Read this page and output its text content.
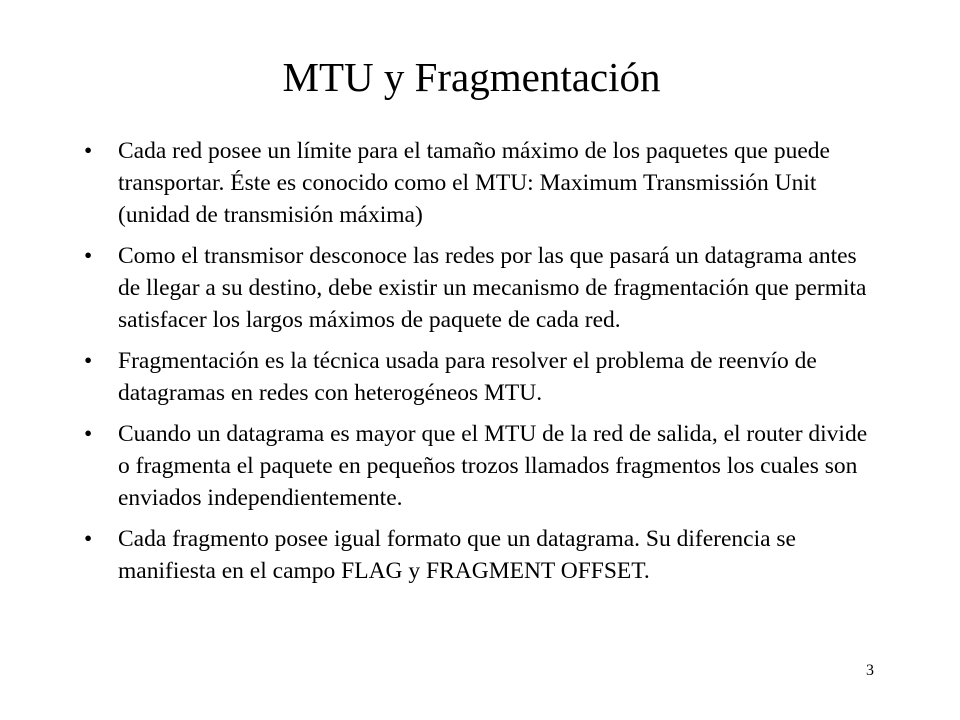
MTU y Fragmentación
•	Cada red posee un límite para el tamaño máximo de los paquetes que puede transportar. Éste es conocido como el MTU: Maximum Transmissión Unit (unidad de transmisión máxima)
•	Como el transmisor desconoce las redes por las que pasará un datagrama antes de llegar a su destino, debe existir un mecanismo de fragmentación que permita satisfacer los largos máximos de paquete de cada red.
•	Fragmentación es la técnica usada para resolver el problema de reenvío de datagramas en redes con heterogéneos MTU.
•	Cuando un datagrama es mayor que el MTU de la red de salida, el router divide o fragmenta el paquete en pequeños trozos llamados fragmentos los cuales son enviados independientemente.
•	Cada fragmento posee igual formato que un datagrama. Su diferencia se manifiesta en el campo FLAG y FRAGMENT OFFSET.
3
